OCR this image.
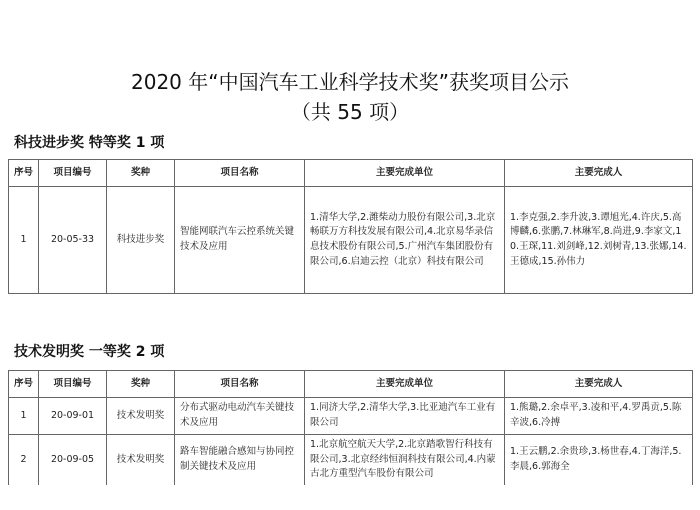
2020 年“中国汽车工业科学技术奖”获奖项目公示
（共 55 项）
科技进步奖 特等奖 1 项
序号	项目编号	奖种	项目名称	主要完成单位	主要完成人
1	20-05-33	科技进步奖	智能网联汽车云控系统关键技术及应用	1.清华大学,2.潍柴动力股份有限公司,3.北京畅联万方科技发展有限公司,4.北京易华录信息技术股份有限公司,5.广州汽车集团股份有限公司,6.启迪云控（北京）科技有限公司	1.李克强,2.李升波,3.谭旭光,4.许庆,5.高博麟,6.张鹏,7.林琳军,8.尚进,9.李家文,10.王琛,11.刘剑峰,12.刘树青,13.张娜,14.王德成,15.孙伟力
技术发明奖 一等奖 2 项
序号	项目编号	奖种	项目名称	主要完成单位	主要完成人
1	20-09-01	技术发明奖	分布式驱动电动汽车关键技术及应用	1.同济大学,2.清华大学,3.比亚迪汽车工业有限公司	1.熊璐,2.余卓平,3.凌和平,4.罗禹贡,5.陈辛波,6.冷搏
2	20-09-05	技术发明奖	路车智能融合感知与协同控制关键技术及应用	1.北京航空航天大学,2.北京踏歌智行科技有限公司,3.北京经纬恒润科技有限公司,4.内蒙古北方重型汽车股份有限公司	1.王云鹏,2.余贵珍,3.杨世春,4.丁海洋,5.李晨,6.郭海全
